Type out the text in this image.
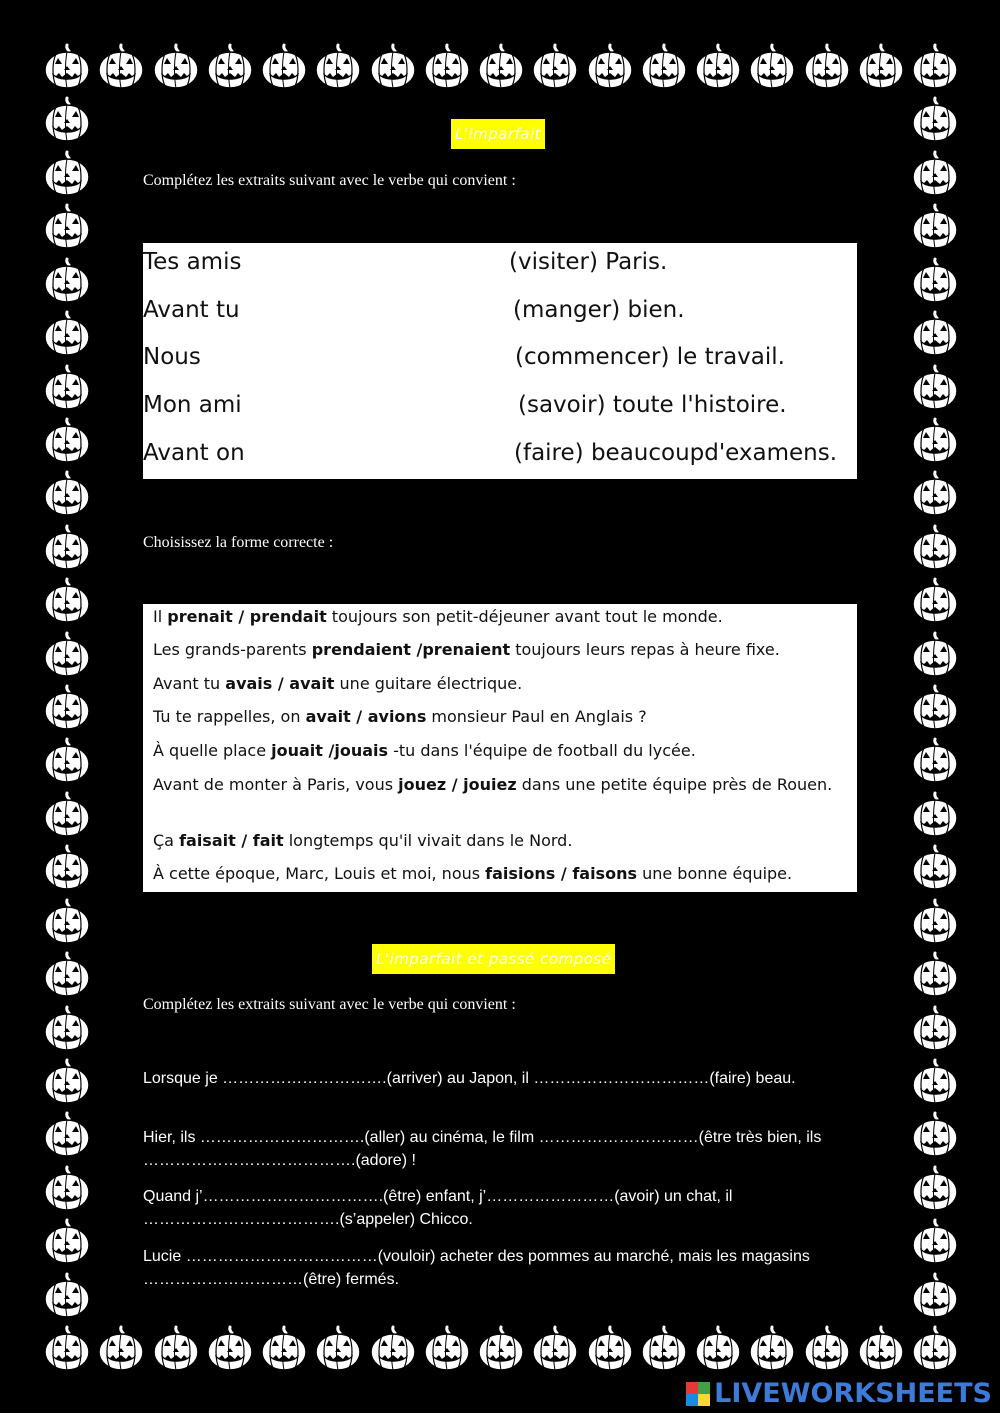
L'imparfait
Complétez les extraits suivant avec le verbe qui convient :
Tes amis	(visiter) Paris.
Avant tu	(manger) bien.
Nous	(commencer) le travail.
Mon ami	(savoir) toute l'histoire.
Avant on	(faire) beaucoupd'examens.
Choisissez la forme correcte :
Il prenait / prendait toujours son petit-déjeuner avant tout le monde.
Les grands-parents prendaient /prenaient toujours leurs repas à heure fixe.
Avant tu avais / avait une guitare électrique.
Tu te rappelles, on avait / avions monsieur Paul en Anglais ?
À quelle place jouait /jouais -tu dans l'équipe de football du lycée.
Avant de monter à Paris, vous jouez / jouiez dans une petite équipe près de Rouen.
Ça faisait / fait longtemps qu'il vivait dans le Nord.
À cette époque, Marc, Louis et moi, nous faisions / faisons une bonne équipe.
L'imparfait et passé composé
Complétez les extraits suivant avec le verbe qui convient :
Lorsque je ………………………….(arriver) au Japon, il ……………………………(faire) beau.
Hier, ils ………………………….(aller) au cinéma, le film …………………………(être très bien, ils ………………………………….(adore) !
Quand j’…………………………….(être) enfant, j’……………………(avoir) un chat, il ……………………………….(s’appeler) Chicco.
Lucie ………………………………(vouloir) acheter des pommes au marché, mais les magasins …………………………(être) fermés.
LIVEWORKSHEETS
